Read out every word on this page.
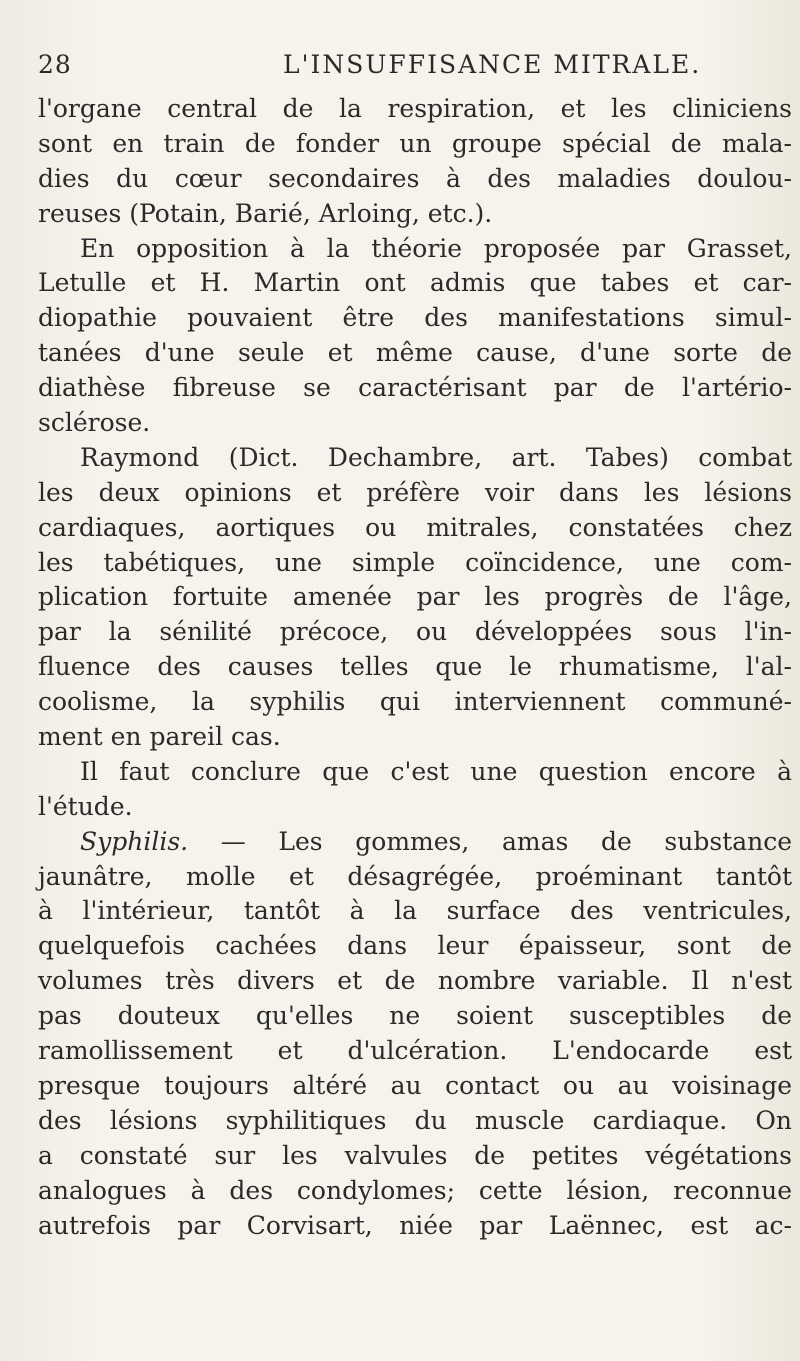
28	L'INSUFFISANCE MITRALE.
l'organe central de la respiration, et les cliniciens
sont en train de fonder un groupe spécial de mala-
dies du cœur secondaires à des maladies doulou-
reuses (Potain, Barié, Arloing, etc.).
En opposition à la théorie proposée par Grasset,
Letulle et H. Martin ont admis que tabes et car-
diopathie pouvaient être des manifestations simul-
tanées d'une seule et même cause, d'une sorte de
diathèse fibreuse se caractérisant par de l'artério-
sclérose.
Raymond (Dict. Dechambre, art. Tabes) combat
les deux opinions et préfère voir dans les lésions
cardiaques, aortiques ou mitrales, constatées chez
les tabétiques, une simple coïncidence, une com-
plication fortuite amenée par les progrès de l'âge,
par la sénilité précoce, ou développées sous l'in-
fluence des causes telles que le rhumatisme, l'al-
coolisme, la syphilis qui interviennent communé-
ment en pareil cas.
Il faut conclure que c'est une question encore à
l'étude.
Syphilis. — Les gommes, amas de substance
jaunâtre, molle et désagrégée, proéminant tantôt
à l'intérieur, tantôt à la surface des ventricules,
quelquefois cachées dans leur épaisseur, sont de
volumes très divers et de nombre variable. Il n'est
pas douteux qu'elles ne soient susceptibles de
ramollissement et d'ulcération. L'endocarde est
presque toujours altéré au contact ou au voisinage
des lésions syphilitiques du muscle cardiaque. On
a constaté sur les valvules de petites végétations
analogues à des condylomes; cette lésion, reconnue
autrefois par Corvisart, niée par Laënnec, est ac-
